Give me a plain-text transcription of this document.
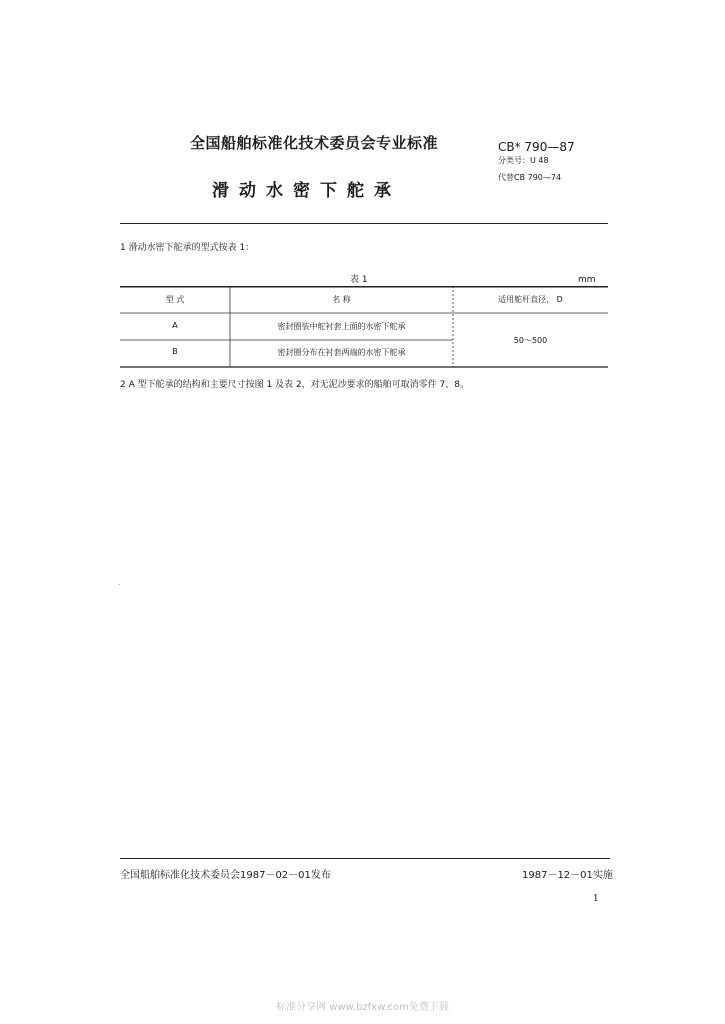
全国船舶标准化技术委员会专业标准	CB* 790—87
分类号：U 48
代替CB 790—74
滑动水密下舵承
1 滑动水密下舵承的型式按表 1：
表 1	mm
型 式	名 称	适用舵杆直径， D
A	密封圈装中舵衬套上面的水密下舵承
B	密封圈分布在衬套两端的水密下舵承
50～500
2 A 型下舵承的结构和主要尺寸按图 1 及表 2，对无泥沙要求的船舶可取消零件 7、8。
.
全国船舶标准化技术委员会1987－02－01发布	1987－12－01实施
1
标准分享网 www.bzfxw.com免费下载
